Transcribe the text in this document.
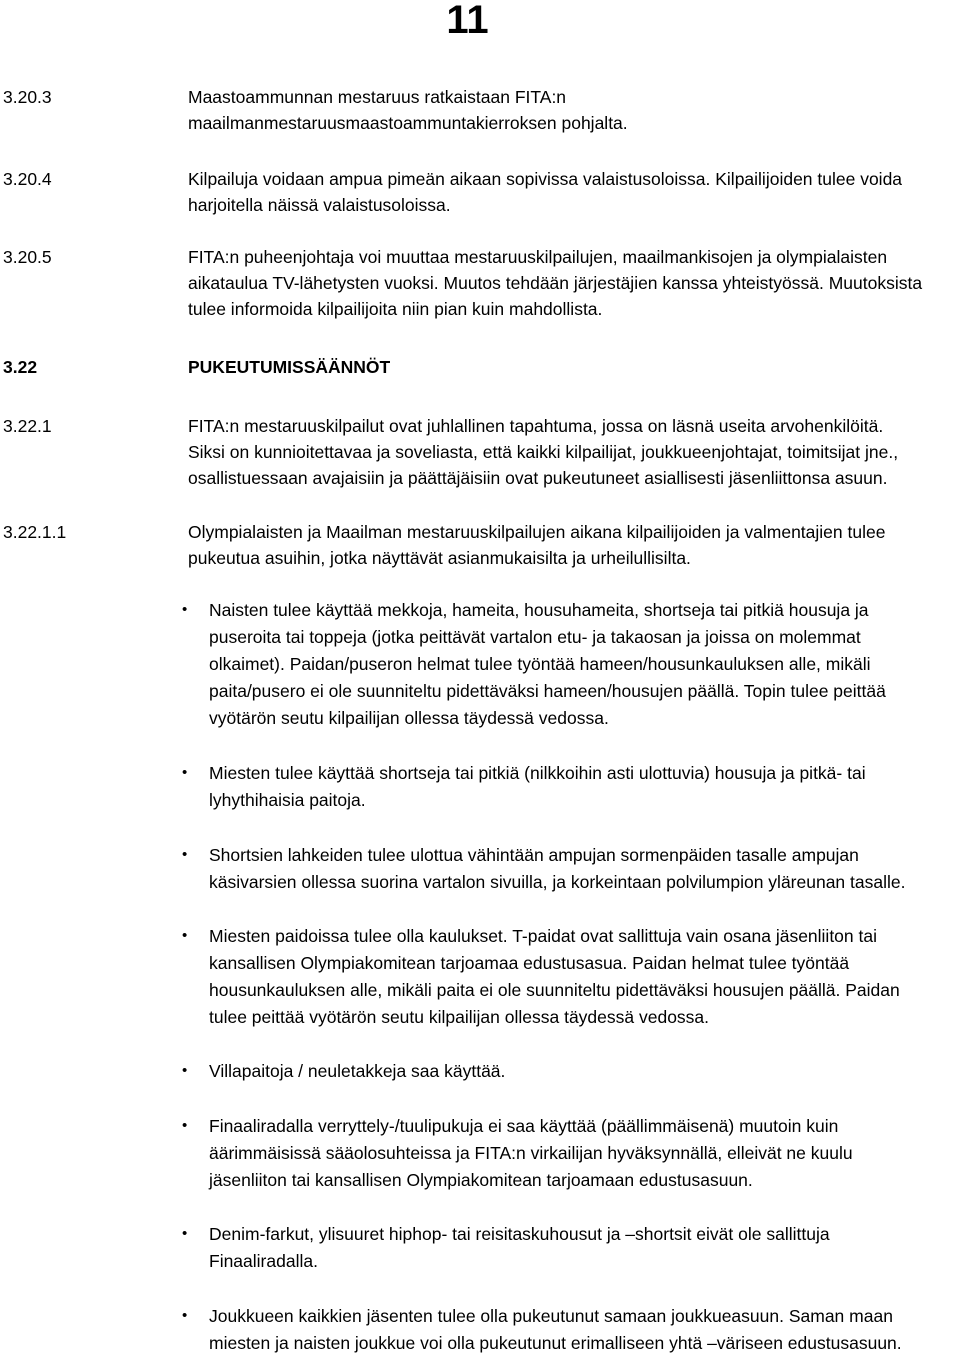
11
3.20.3	Maastoammunnan mestaruus ratkaistaan FITA:n
maailmanmestaruusmaastoammuntakierroksen pohjalta.
3.20.4	Kilpailuja voidaan ampua pimeän aikaan sopivissa valaistusoloissa. Kilpailijoiden tulee voida
harjoitella näissä valaistusoloissa.
3.20.5	FITA:n puheenjohtaja voi muuttaa mestaruuskilpailujen, maailmankisojen ja olympialaisten
aikataulua TV-lähetysten vuoksi. Muutos tehdään järjestäjien kanssa yhteistyössä. Muutoksista
tulee informoida kilpailijoita niin pian kuin mahdollista.
3.22	PUKEUTUMISSÄÄNNÖT
3.22.1	FITA:n mestaruuskilpailut ovat juhlallinen tapahtuma, jossa on läsnä useita arvohenkilöitä.
Siksi on kunnioitettavaa ja soveliasta, että kaikki kilpailijat, joukkueenjohtajat, toimitsijat jne.,
osallistuessaan avajaisiin ja päättäjäisiin ovat pukeutuneet asiallisesti jäsenliittonsa asuun.
3.22.1.1	Olympialaisten ja Maailman mestaruuskilpailujen aikana kilpailijoiden ja valmentajien tulee
pukeutua asuihin, jotka näyttävät asianmukaisilta ja urheilullisilta.
• Naisten tulee käyttää mekkoja, hameita, housuhameita, shortseja tai pitkiä housuja ja
puseroita tai toppeja (jotka peittävät vartalon etu- ja takaosan ja joissa on molemmat
olkaimet). Paidan/puseron helmat tulee työntää hameen/housunkauluksen alle, mikäli
paita/pusero ei ole suunniteltu pidettäväksi hameen/housujen päällä. Topin tulee peittää
vyötärön seutu kilpailijan ollessa täydessä vedossa.
• Miesten tulee käyttää shortseja tai pitkiä (nilkkoihin asti ulottuvia) housuja ja pitkä- tai
lyhythihaisia paitoja.
• Shortsien lahkeiden tulee ulottua vähintään ampujan sormenpäiden tasalle ampujan
käsivarsien ollessa suorina vartalon sivuilla, ja korkeintaan polvilumpion yläreunan tasalle.
• Miesten paidoissa tulee olla kaulukset. T-paidat ovat sallittuja vain osana jäsenliiton tai
kansallisen Olympiakomitean tarjoamaa edustusasua. Paidan helmat tulee työntää
housunkauluksen alle, mikäli paita ei ole suunniteltu pidettäväksi housujen päällä. Paidan
tulee peittää vyötärön seutu kilpailijan ollessa täydessä vedossa.
• Villapaitoja / neuletakkeja saa käyttää.
• Finaaliradalla verryttely-/tuulipukuja ei saa käyttää (päällimmäisenä) muutoin kuin
äärimmäisissä sääolosuhteissa ja FITA:n virkailijan hyväksynnällä, elleivät ne kuulu
jäsenliiton tai kansallisen Olympiakomitean tarjoamaan edustusasuun.
• Denim-farkut, ylisuuret hiphop- tai reisitaskuhousut ja –shortsit eivät ole sallittuja
Finaaliradalla.
• Joukkueen kaikkien jäsenten tulee olla pukeutunut samaan joukkueasuun. Saman maan
miesten ja naisten joukkue voi olla pukeutunut erimalliseen yhtä –väriseen edustusasuun.
